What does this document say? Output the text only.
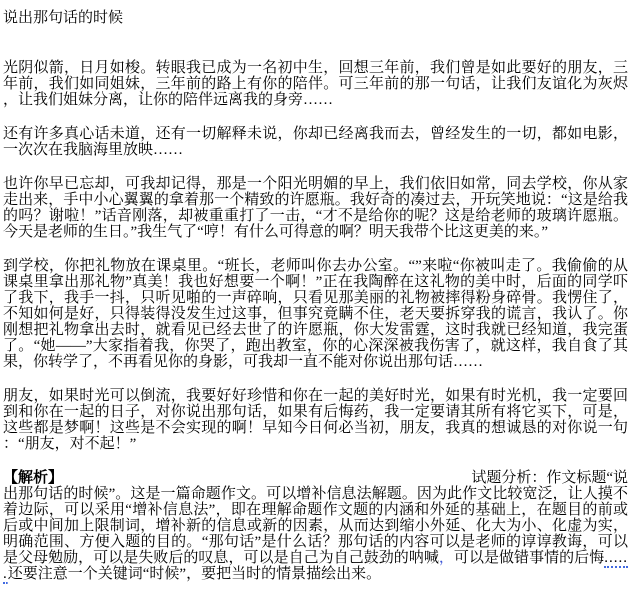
说出那句话的时候

光阴似箭，日月如梭。转眼我已成为一名初中生，回想三年前，我们曾是如此要好的朋友，三年前，我们如同姐妹，三年前的路上有你的陪伴。可三年前的那一句话，让我们友谊化为灰烬，让我们姐妹分离，让你的陪伴远离我的身旁……

还有许多真心话未道，还有一切解释未说，你却已经离我而去，曾经发生的一切，都如电影，一次次在我脑海里放映……

也许你早已忘却，可我却记得，那是一个阳光明媚的早上，我们依旧如常，同去学校，你从家走出来，手中小心翼翼的拿着那一个精致的许愿瓶。我好奇的凑过去，开玩笑地说：“这是给我的吗？谢啦！”话音刚落，却被重重打了一击，“才不是给你的呢？这是给老师的玻璃许愿瓶。今天是老师的生日。”我生气了“哼！有什么可得意的啊？明天我带个比这更美的来。”

到学校，你把礼物放在课桌里。“班长，老师叫你去办公室。“”来啦“你被叫走了。我偷偷的从课桌里拿出那礼物”真美！我也好想要一个啊！”正在我陶醉在这礼物的美中时，后面的同学吓了我下，我手一抖，只听见啪的一声碎响，只看见那美丽的礼物被摔得粉身碎骨。我愣住了，不知如何是好，只得装得没发生过这事，但事究竟瞒不住，老天要拆穿我的谎言，我认了。你刚想把礼物拿出去时，就看见已经去世了的许愿瓶，你大发雷霆，这时我就已经知道，我完蛋了。“她——”大家指着我，你哭了，跑出教室，你的心深深被我伤害了，就这样，我自食了其果，你转学了，不再看见你的身影，可我却一直不能对你说出那句话……

朋友，如果时光可以倒流，我要好好珍惜和你在一起的美好时光，如果有时光机，我一定要回到和你在一起的日子，对你说出那句话，如果有后悔药，我一定要请其所有将它买下，可是，这些都是梦啊！这些是不会实现的啊！早知今日何必当初，朋友，我真的想诚恳的对你说一句：“朋友，对不起！”

【解析】	试题分析：作文标题“说
出那句话的时候”。这是一篇命题作文。可以增补信息法解题。因为此作文比较宽泛，让人摸不着边际，可以采用“增补信息法”，即在理解命题作文题的内涵和外延的基础上，在题目的前或后或中间加上限制词，增补新的信息或新的因素，从而达到缩小外延、化大为小、化虚为实，明确范围、方便入题的目的。“那句话”是什么话？那句话的内容可以是老师的谆谆教诲，可以是父母勉励，可以是失败后的叹息，可以是自己为自己鼓劲的呐喊，可以是做错事情的后悔......还要注意一个关键词“时候”，要把当时的情景描绘出来。
